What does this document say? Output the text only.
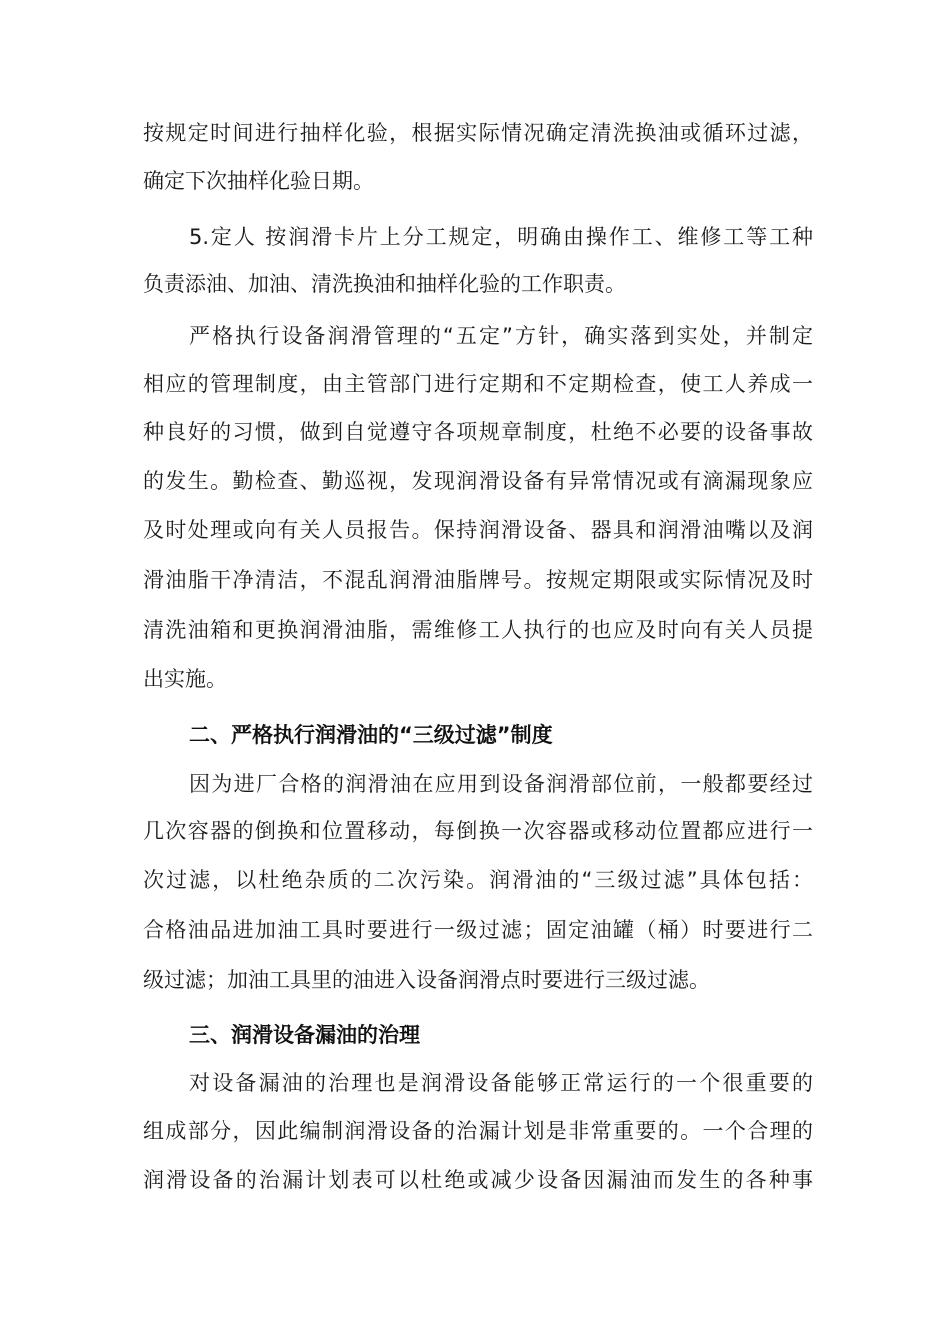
按规定时间进行抽样化验，根据实际情况确定清洗换油或循环过滤，
确定下次抽样化验日期。
5.定人 按润滑卡片上分工规定，明确由操作工、维修工等工种
负责添油、加油、清洗换油和抽样化验的工作职责。
严格执行设备润滑管理的“五定”方针，确实落到实处，并制定
相应的管理制度，由主管部门进行定期和不定期检查，使工人养成一
种良好的习惯，做到自觉遵守各项规章制度，杜绝不必要的设备事故
的发生。勤检查、勤巡视，发现润滑设备有异常情况或有滴漏现象应
及时处理或向有关人员报告。保持润滑设备、器具和润滑油嘴以及润
滑油脂干净清洁，不混乱润滑油脂牌号。按规定期限或实际情况及时
清洗油箱和更换润滑油脂，需维修工人执行的也应及时向有关人员提
出实施。
二、严格执行润滑油的“三级过滤”制度
因为进厂合格的润滑油在应用到设备润滑部位前，一般都要经过
几次容器的倒换和位置移动，每倒换一次容器或移动位置都应进行一
次过滤，以杜绝杂质的二次污染。润滑油的“三级过滤”具体包括：
合格油品进加油工具时要进行一级过滤；固定油罐（桶）时要进行二
级过滤；加油工具里的油进入设备润滑点时要进行三级过滤。
三、润滑设备漏油的治理
对设备漏油的治理也是润滑设备能够正常运行的一个很重要的
组成部分，因此编制润滑设备的治漏计划是非常重要的。一个合理的
润滑设备的治漏计划表可以杜绝或减少设备因漏油而发生的各种事
